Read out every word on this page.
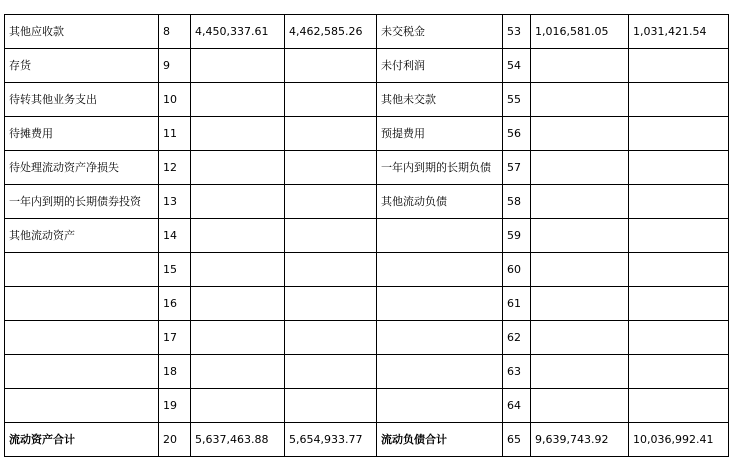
其他应收款	8	4,450,337.61	4,462,585.26	未交税金	53	1,016,581.05	1,031,421.54
存货	9			未付利润	54		
待转其他业务支出	10			其他未交款	55		
待摊费用	11			预提费用	56		
待处理流动资产净损失	12			一年内到期的长期负债	57		
一年内到期的长期债券投资	13			其他流动负债	58		
其他流动资产	14				59		
	15				60		
	16				61		
	17				62		
	18				63		
	19				64		
流动资产合计	20	5,637,463.88	5,654,933.77	流动负债合计	65	9,639,743.92	10,036,992.41
